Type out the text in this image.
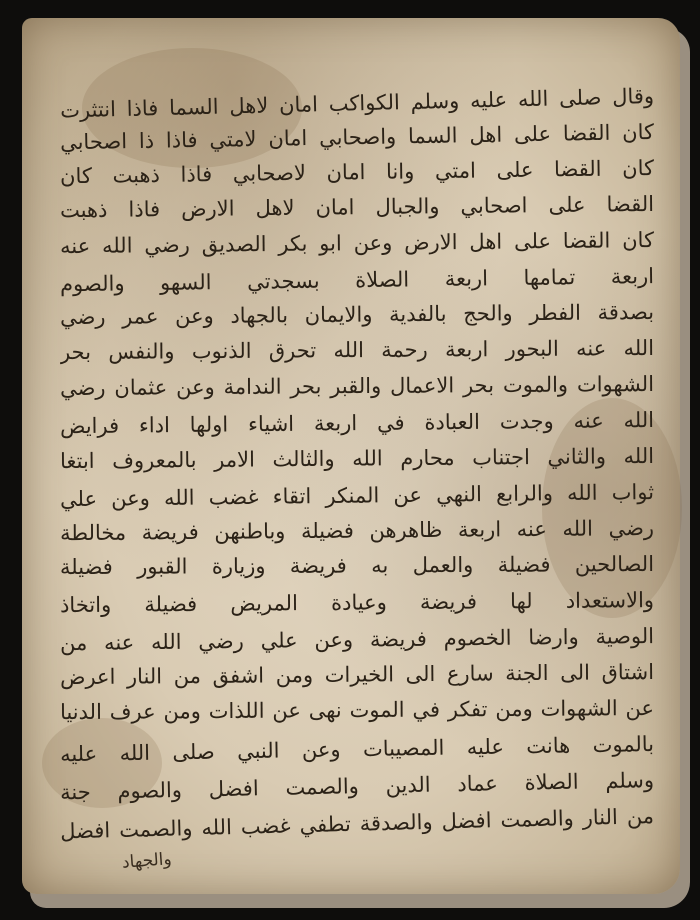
وقال صلى الله عليه وسلم الكواكب امان لاهل السما فاذا انتثرت
كان القضا على اهل السما واصحابي امان لامتي فاذا ذا اصحابي
كان القضا على امتي وانا امان لاصحابي فاذا ذهبت كان
القضا على اصحابي والجبال امان لاهل الارض فاذا ذهبت
كان القضا على اهل الارض وعن ابو بكر الصديق رضي الله عنه
اربعة تمامها اربعة الصلاة بسجدتي السهو والصوم
بصدقة الفطر والحج بالفدية والايمان بالجهاد وعن عمر رضي
الله عنه البحور اربعة رحمة الله تحرق الذنوب والنفس بحر
الشهوات والموت بحر الاعمال والقبر بحر الندامة وعن عثمان رضي
الله عنه وجدت العبادة في اربعة اشياء اولها اداء فرايض
الله والثاني اجتناب محارم الله والثالث الامر بالمعروف ابتغا
ثواب الله والرابع النهي عن المنكر اتقاء غضب الله وعن علي
رضي الله عنه اربعة ظاهرهن فضيلة وباطنهن فريضة مخالطة
الصالحين فضيلة والعمل به فريضة وزيارة القبور فضيلة
والاستعداد لها فريضة وعيادة المريض فضيلة واتخاذ
الوصية وارضا الخصوم فريضة وعن علي رضي الله عنه من
اشتاق الى الجنة سارع الى الخيرات ومن اشفق من النار اعرض
عن الشهوات ومن تفكر في الموت نهى عن اللذات ومن عرف الدنيا
بالموت هانت عليه المصيبات وعن النبي صلى الله عليه
وسلم الصلاة عماد الدين والصمت افضل والصوم جنة
من النار والصمت افضل والصدقة تطفي غضب الله والصمت افضل
والجهاد
